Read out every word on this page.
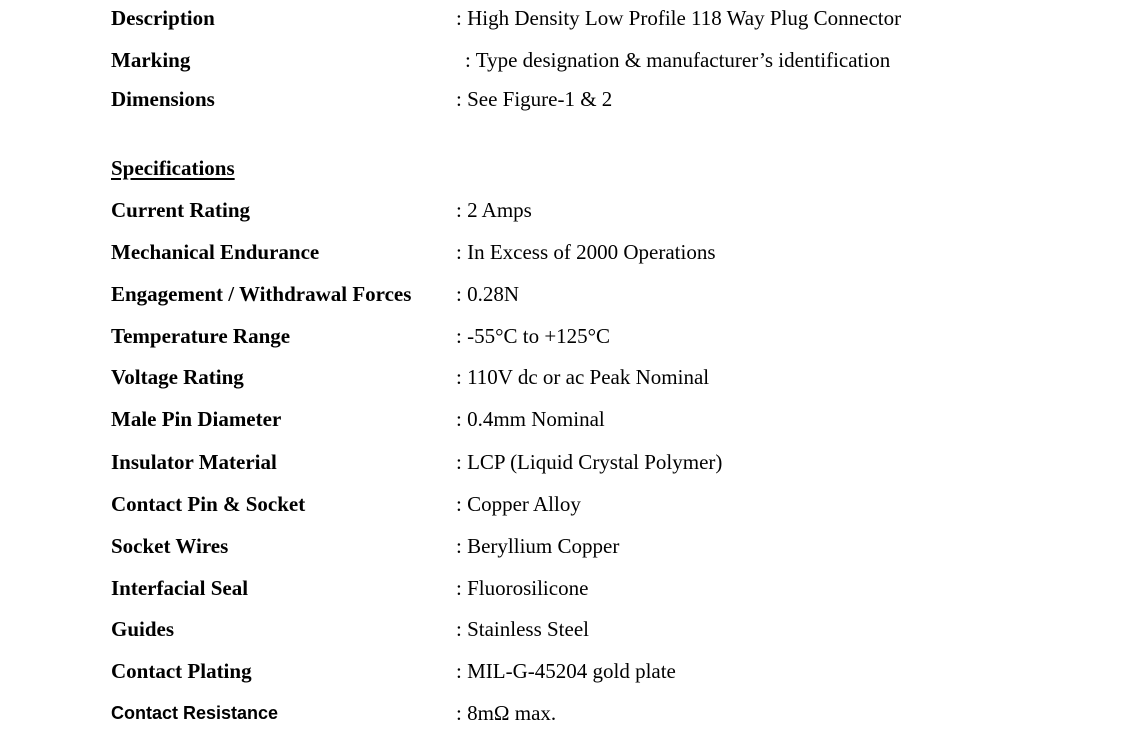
Description	: High Density Low Profile 118 Way Plug Connector
Marking	: Type designation & manufacturer’s identification
Dimensions	: See Figure-1 & 2
Specifications
Current Rating	: 2 Amps
Mechanical Endurance	: In Excess of 2000 Operations
Engagement / Withdrawal Forces : 0.28N
Temperature Range	: -55°C to +125°C
Voltage Rating	: 110V dc or ac Peak Nominal
Male Pin Diameter	: 0.4mm Nominal
Insulator Material	: LCP (Liquid Crystal Polymer)
Contact Pin & Socket	: Copper Alloy
Socket Wires	: Beryllium Copper
Interfacial Seal	: Fluorosilicone
Guides	: Stainless Steel
Contact Plating	: MIL-G-45204 gold plate
Contact Resistance	: 8mΩ max.
